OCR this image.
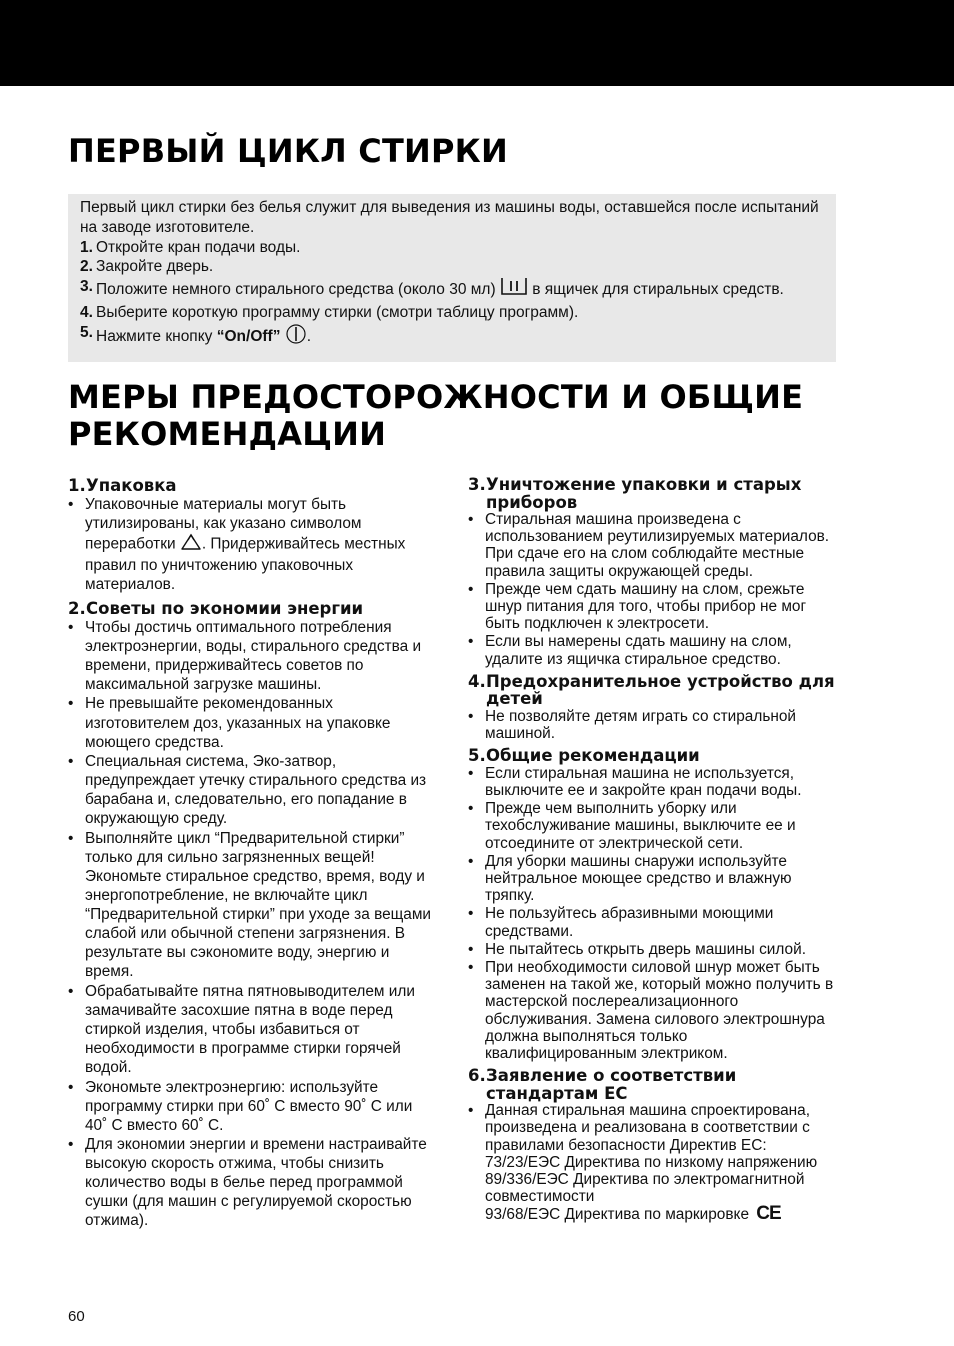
ПЕРВЫЙ ЦИКЛ СТИРКИ

Первый цикл стирки без белья служит для выведения из машины воды, оставшейся после испытаний на заводе изготовителе.

1. Откройте кран подачи воды.
2. Закройте дверь.
3. Положите немного стирального средства (около 30 мл) в ящичек для стиральных средств.
4. Выберите короткую программу стирки (смотри таблицу программ).
5. Нажмите кнопку “On/Off” .
МЕРЫ ПРЕДОСТОРОЖНОСТИ И ОБЩИЕ
РЕКОМЕНДАЦИИ
1. Упаковка
• Упаковочные материалы могут быть утилизированы, как указано символом переработки . Придерживайтесь местных правил по уничтожению упаковочных материалов.
2. Советы по экономии энергии
• Чтобы достичь оптимального потребления электроэнергии, воды, стирального средства и времени, придерживайтесь советов по максимальной загрузке машины.
• Не превышайте рекомендованных изготовителем доз, указанных на упаковке моющего средства.
• Специальная система, Эко-затвор, предупреждает утечку стирального средства из барабана и, следовательно, его попадание в окружающую среду.
• Выполняйте цикл “Предварительной стирки” только для сильно загрязненных вещей! Экономьте стиральное средство, время, воду и энергопотребление, не включайте цикл “Предварительной стирки” при уходе за вещами слабой или обычной степени загрязнения. В результате вы сэкономите воду, энергию и время.
• Обрабатывайте пятна пятновыводителем или замачивайте засохшие пятна в воде перед стиркой изделия, чтобы избавиться от необходимости в программе стирки горячей водой.
• Экономьте электроэнергию: используйте программу стирки при 60˚ C вместо 90˚ C или 40˚ C вместо 60˚ C.
• Для экономии энергии и времени настраивайте высокую скорость отжима, чтобы снизить количество воды в белье перед программой сушки (для машин с регулируемой скоростью отжима).
3. Уничтожение упаковки и старых приборов
• Стиральная машина произведена с использованием реутилизируемых материалов. При сдаче его на слом соблюдайте местные правила защиты окружающей среды.
• Прежде чем сдать машину на слом, срежьте шнур питания для того, чтобы прибор не мог быть подключен к электросети.
• Если вы намерены сдать машину на слом, удалите из ящичка стиральное средство.
4. Предохранительное устройство для детей
• Не позволяйте детям играть со стиральной машиной.
5. Общие рекомендации
• Если стиральная машина не используется, выключите ее и закройте кран подачи воды.
• Прежде чем выполнить уборку или техобслуживание машины, выключите ее и отсоедините от электрической сети.
• Для уборки машины снаружи используйте нейтральное моющее средство и влажную тряпку.
• Не пользуйтесь абразивными моющими средствами.
• Не пытайтесь открыть дверь машины силой.
• При необходимости силовой шнур может быть заменен на такой же, который можно получить в мастерской послереализационного обслуживания. Замена силового электрошнура должна выполняться только квалифицированным электриком.
6. Заявление о соответствии стандартам ЕС
• Данная стиральная машина спроектирована, произведена и реализована в соответствии с правилами безопасности Директив ЕС:
73/23/ЕЭС Директива по низкому напряжению
89/336/ЕЭС Директива по электромагнитной совместимости
93/68/ЕЭС Директива по маркировке CE
60
